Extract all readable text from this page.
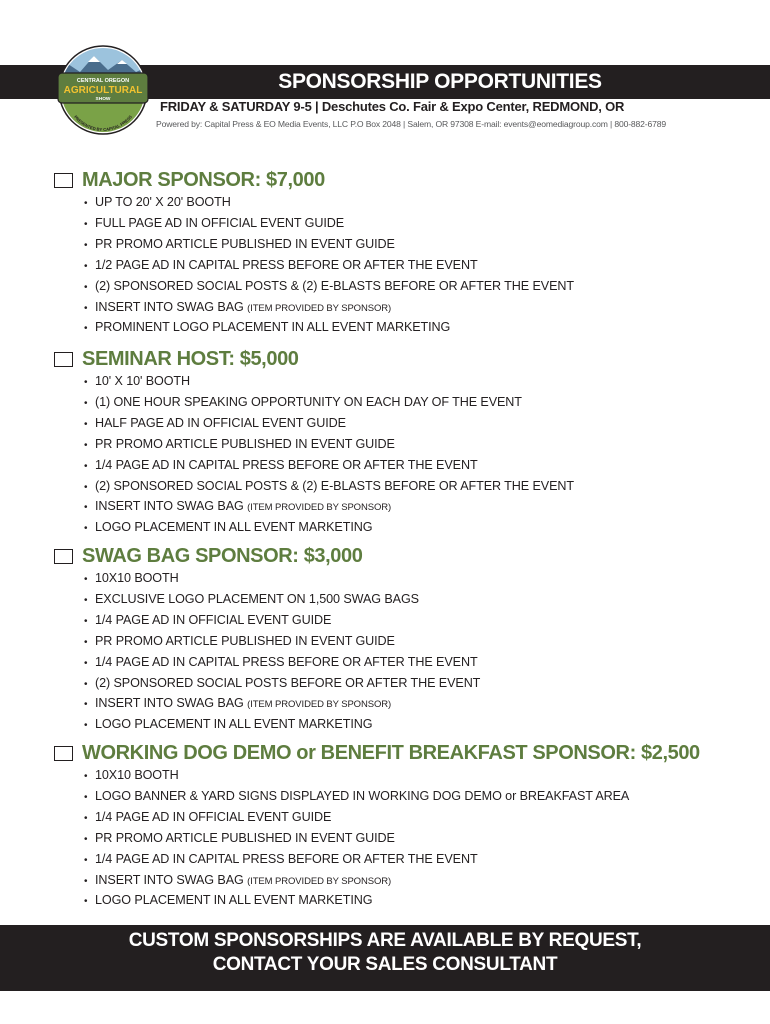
SPONSORSHIP OPPORTUNITIES
CENTRAL OREGON
AGRICULTURAL
SHOW
PRESENTED BY CAPITAL PRESS
FRIDAY & SATURDAY 9-5 | Deschutes Co. Fair & Expo Center, REDMOND, OR
Powered by: Capital Press & EO Media Events, LLC P.O Box 2048 | Salem, OR 97308 E-mail: events@eomediagroup.com | 800-882-6789
MAJOR SPONSOR: $7,000
• UP TO 20' X 20' BOOTH
• FULL PAGE AD IN OFFICIAL EVENT GUIDE
• PR PROMO ARTICLE PUBLISHED IN EVENT GUIDE
• 1/2 PAGE AD IN CAPITAL PRESS BEFORE OR AFTER THE EVENT
• (2) SPONSORED SOCIAL POSTS & (2) E-BLASTS BEFORE OR AFTER THE EVENT
• INSERT INTO SWAG BAG (ITEM PROVIDED BY SPONSOR)
• PROMINENT LOGO PLACEMENT IN ALL EVENT MARKETING
SEMINAR HOST: $5,000
• 10' X 10' BOOTH
• (1) ONE HOUR SPEAKING OPPORTUNITY ON EACH DAY OF THE EVENT
• HALF PAGE AD IN OFFICIAL EVENT GUIDE
• PR PROMO ARTICLE PUBLISHED IN EVENT GUIDE
• 1/4 PAGE AD IN CAPITAL PRESS BEFORE OR AFTER THE EVENT
• (2) SPONSORED SOCIAL POSTS & (2) E-BLASTS BEFORE OR AFTER THE EVENT
• INSERT INTO SWAG BAG (ITEM PROVIDED BY SPONSOR)
• LOGO PLACEMENT IN ALL EVENT MARKETING
SWAG BAG SPONSOR: $3,000
• 10X10 BOOTH
• EXCLUSIVE LOGO PLACEMENT ON 1,500 SWAG BAGS
• 1/4 PAGE AD IN OFFICIAL EVENT GUIDE
• PR PROMO ARTICLE PUBLISHED IN EVENT GUIDE
• 1/4 PAGE AD IN CAPITAL PRESS BEFORE OR AFTER THE EVENT
• (2) SPONSORED SOCIAL POSTS BEFORE OR AFTER THE EVENT
• INSERT INTO SWAG BAG (ITEM PROVIDED BY SPONSOR)
• LOGO PLACEMENT IN ALL EVENT MARKETING
WORKING DOG DEMO or BENEFIT BREAKFAST SPONSOR: $2,500
• 10X10 BOOTH
• LOGO BANNER & YARD SIGNS DISPLAYED IN WORKING DOG DEMO or BREAKFAST AREA
• 1/4 PAGE AD IN OFFICIAL EVENT GUIDE
• PR PROMO ARTICLE PUBLISHED IN EVENT GUIDE
• 1/4 PAGE AD IN CAPITAL PRESS BEFORE OR AFTER THE EVENT
• INSERT INTO SWAG BAG (ITEM PROVIDED BY SPONSOR)
• LOGO PLACEMENT IN ALL EVENT MARKETING
CUSTOM SPONSORSHIPS ARE AVAILABLE BY REQUEST,
CONTACT YOUR SALES CONSULTANT
